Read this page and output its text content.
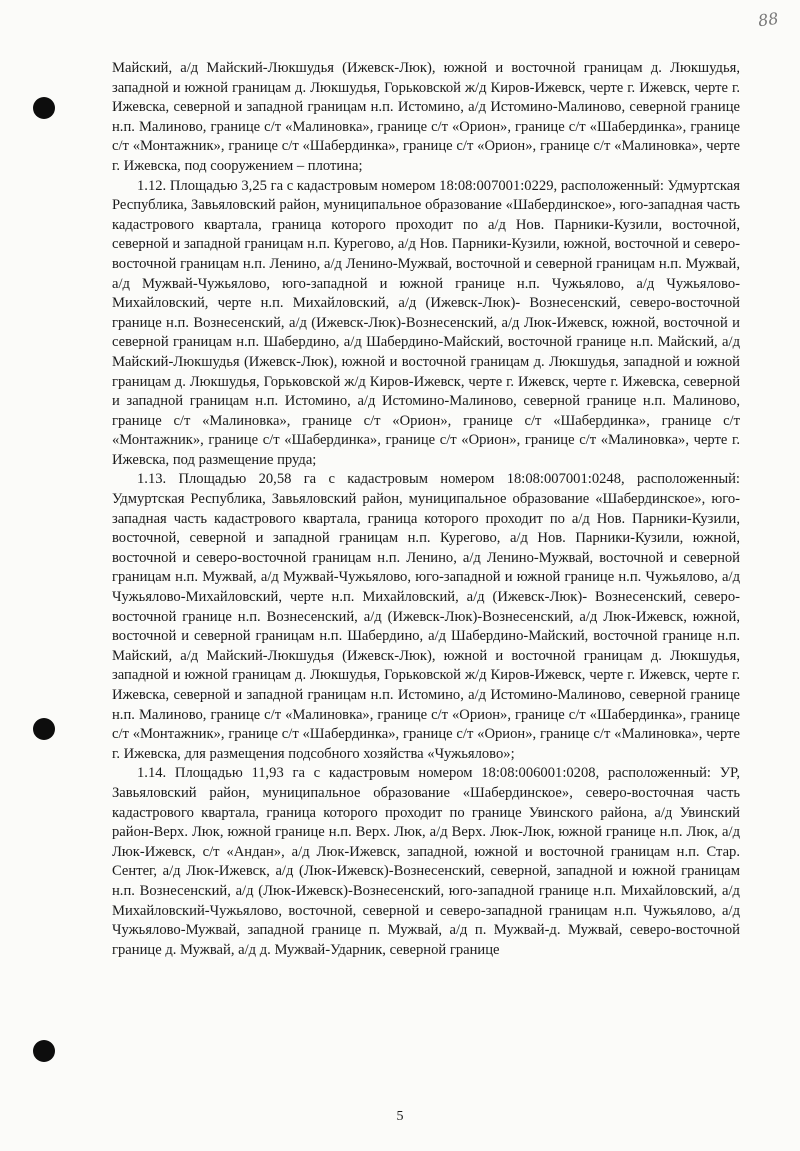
88

Майский, а/д Майский-Люкшудья (Ижевск-Люк), южной и восточной границам д. Люкшудья, западной и южной границам д. Люкшудья, Горьковской ж/д Киров-Ижевск, черте г. Ижевск, черте г. Ижевска, северной и западной границам н.п. Истомино, а/д Истомино-Малиново, северной границе н.п. Малиново, границе с/т «Малиновка», границе с/т «Орион», границе с/т «Шабердинка», границе с/т «Монтажник», границе с/т «Шабердинка», границе с/т «Орион», границе с/т «Малиновка», черте г. Ижевска, под сооружением – плотина;

1.12. Площадью 3,25 га с кадастровым номером 18:08:007001:0229, расположенный: Удмуртская Республика, Завьяловский район, муниципальное образование «Шабердинское», юго-западная часть кадастрового квартала, граница которого проходит по а/д Нов. Парники-Кузили, восточной, северной и западной границам н.п. Курегово, а/д Нов. Парники-Кузили, южной, восточной и северо-восточной границам н.п. Ленино, а/д Ленино-Мужвай, восточной и северной границам н.п. Мужвай, а/д Мужвай-Чужьялово, юго-западной и южной границе н.п. Чужьялово, а/д Чужьялово-Михайловский, черте н.п. Михайловский, а/д (Ижевск-Люк)- Вознесенский, северо-восточной границе н.п. Вознесенский, а/д (Ижевск-Люк)-Вознесенский, а/д Люк-Ижевск, южной, восточной и северной границам н.п. Шабердино, а/д Шабердино-Майский, восточной границе н.п. Майский, а/д Майский-Люкшудья (Ижевск-Люк), южной и восточной границам д. Люкшудья, западной и южной границам д. Люкшудья, Горьковской ж/д Киров-Ижевск, черте г. Ижевск, черте г. Ижевска, северной и западной границам н.п. Истомино, а/д Истомино-Малиново, северной границе н.п. Малиново, границе с/т «Малиновка», границе с/т «Орион», границе с/т «Шабердинка», границе с/т «Монтажник», границе с/т «Шабердинка», границе с/т «Орион», границе с/т «Малиновка», черте г. Ижевска, под размещение пруда;

1.13. Площадью 20,58 га с кадастровым номером 18:08:007001:0248, расположенный: Удмуртская Республика, Завьяловский район, муниципальное образование «Шабердинское», юго-западная часть кадастрового квартала, граница которого проходит по а/д Нов. Парники-Кузили, восточной, северной и западной границам н.п. Курегово, а/д Нов. Парники-Кузили, южной, восточной и северо-восточной границам н.п. Ленино, а/д Ленино-Мужвай, восточной и северной границам н.п. Мужвай, а/д Мужвай-Чужьялово, юго-западной и южной границе н.п. Чужьялово, а/д Чужьялово-Михайловский, черте н.п. Михайловский, а/д (Ижевск-Люк)- Вознесенский, северо-восточной границе н.п. Вознесенский, а/д (Ижевск-Люк)-Вознесенский, а/д Люк-Ижевск, южной, восточной и северной границам н.п. Шабердино, а/д Шабердино-Майский, восточной границе н.п. Майский, а/д Майский-Люкшудья (Ижевск-Люк), южной и восточной границам д. Люкшудья, западной и южной границам д. Люкшудья, Горьковской ж/д Киров-Ижевск, черте г. Ижевск, черте г. Ижевска, северной и западной границам н.п. Истомино, а/д Истомино-Малиново, северной границе н.п. Малиново, границе с/т «Малиновка», границе с/т «Орион», границе с/т «Шабердинка», границе с/т «Монтажник», границе с/т «Шабердинка», границе с/т «Орион», границе с/т «Малиновка», черте г. Ижевска, для размещения подсобного хозяйства «Чужьялово»;

1.14. Площадью 11,93 га с кадастровым номером 18:08:006001:0208, расположенный: УР, Завьяловский район, муниципальное образование «Шабердинское», северо-восточная часть кадастрового квартала, граница которого проходит по границе Увинского района, а/д Увинский район-Верх. Люк, южной границе н.п. Верх. Люк, а/д Верх. Люк-Люк, южной границе н.п. Люк, а/д Люк-Ижевск, с/т «Андан», а/д Люк-Ижевск, западной, южной и восточной границам н.п. Стар. Сентег, а/д Люк-Ижевск, а/д (Люк-Ижевск)-Вознесенский, северной, западной и южной границам н.п. Вознесенский, а/д (Люк-Ижевск)-Вознесенский, юго-западной границе н.п. Михайловский, а/д Михайловский-Чужьялово, восточной, северной и северо-западной границам н.п. Чужьялово, а/д Чужьялово-Мужвай, западной границе п. Мужвай, а/д п. Мужвай-д. Мужвай, северо-восточной границе д. Мужвай, а/д д. Мужвай-Ударник, северной границе

5
